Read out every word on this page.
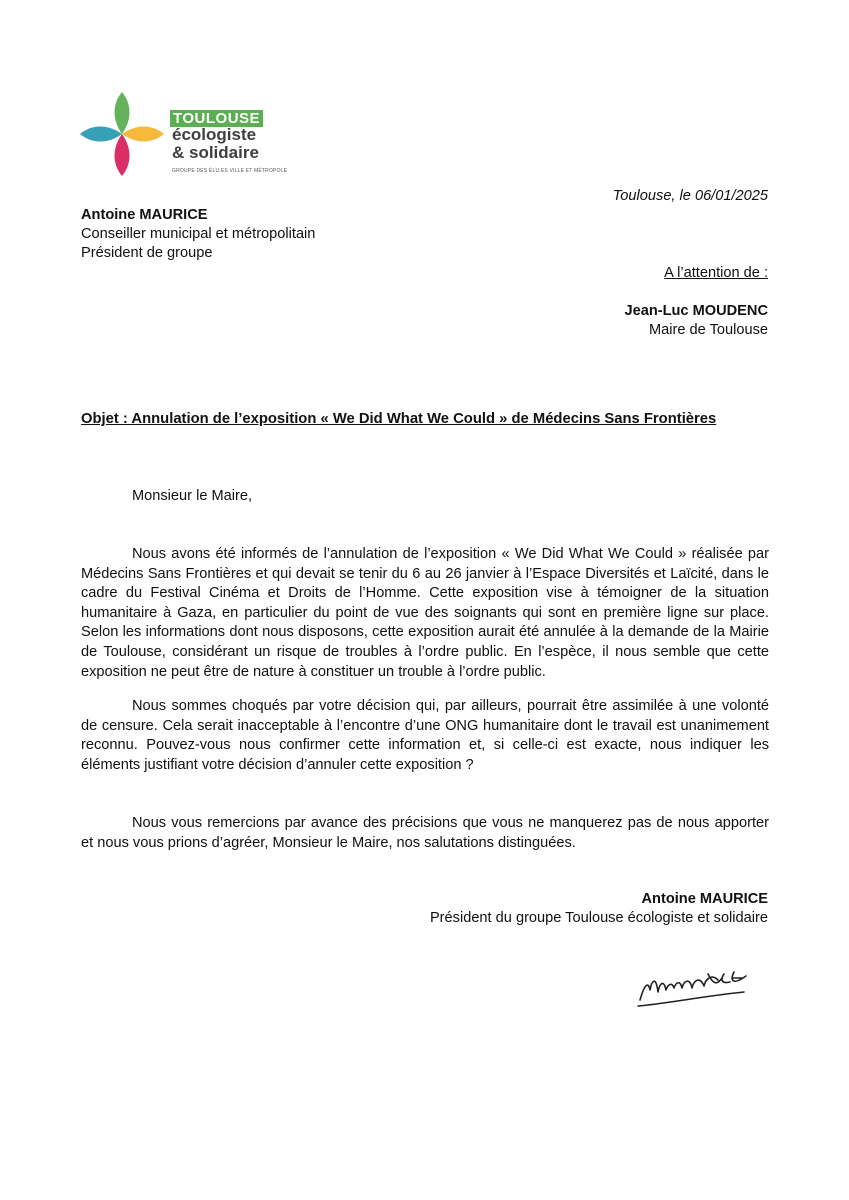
TOULOUSE
écologiste
& solidaire
GROUPE DES ÉLU.ES VILLE ET MÉTROPOLE
Toulouse, le 06/01/2025
Antoine MAURICE
Conseiller municipal et métropolitain
Président de groupe
A l’attention de :
Jean-Luc MOUDENC
Maire de Toulouse
Objet : Annulation de l’exposition « We Did What We Could » de Médecins Sans Frontières
Monsieur le Maire,

Nous avons été informés de l’annulation de l’exposition « We Did What We Could » réalisée par Médecins Sans Frontières et qui devait se tenir du 6 au 26 janvier à l’Espace Diversités et Laïcité, dans le cadre du Festival Cinéma et Droits de l’Homme. Cette exposition vise à témoigner de la situation humanitaire à Gaza, en particulier du point de vue des soignants qui sont en première ligne sur place. Selon les informations dont nous disposons, cette exposition aurait été annulée à la demande de la Mairie de Toulouse, considérant un risque de troubles à l’ordre public. En l’espèce, il nous semble que cette exposition ne peut être de nature à constituer un trouble à l’ordre public.

Nous sommes choqués par votre décision qui, par ailleurs, pourrait être assimilée à une volonté de censure. Cela serait inacceptable à l’encontre d’une ONG humanitaire dont le travail est unanimement reconnu. Pouvez-vous nous confirmer cette information et, si celle-ci est exacte, nous indiquer les éléments justifiant votre décision d’annuler cette exposition ?

Nous vous remercions par avance des précisions que vous ne manquerez pas de nous apporter et nous vous prions d’agréer, Monsieur le Maire, nos salutations distinguées.

Antoine MAURICE
Président du groupe Toulouse écologiste et solidaire
